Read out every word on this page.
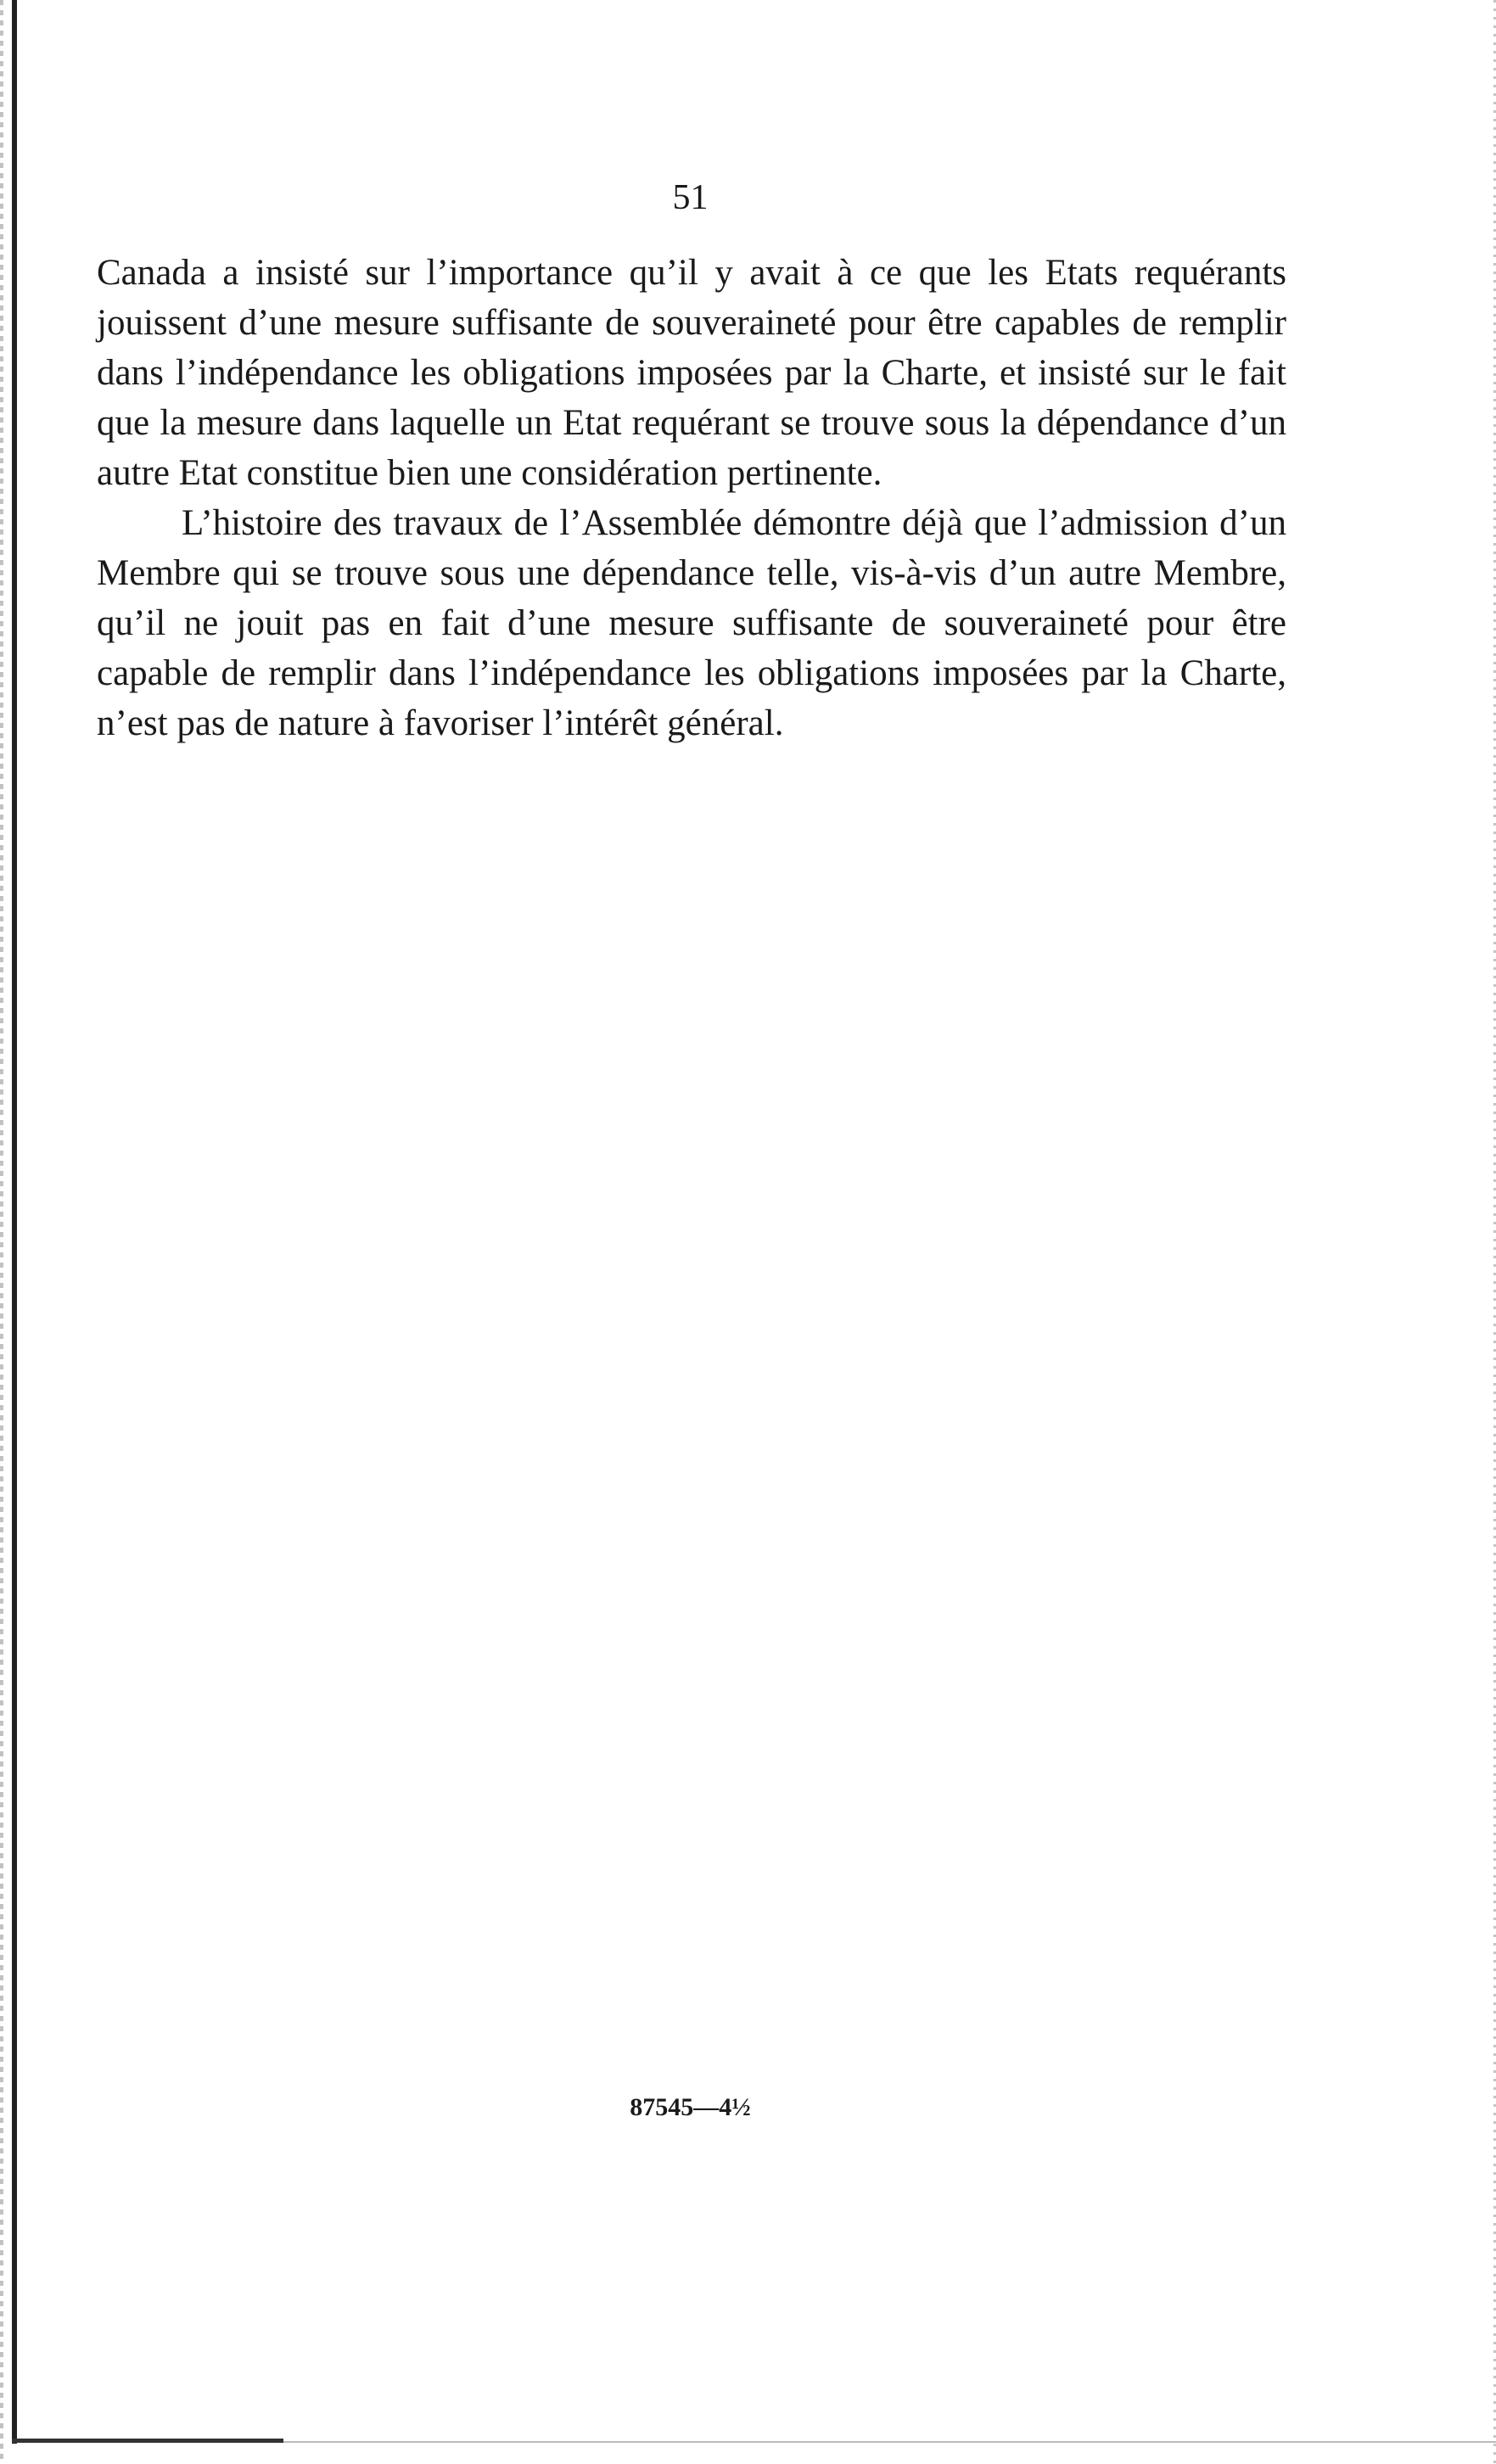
51

Canada a insisté sur l’importance qu’il y avait à ce que les Etats requérants jouissent d’une mesure suffisante de souveraineté pour être capables de remplir dans l’indépendance les obligations imposées par la Charte, et insisté sur le fait que la mesure dans laquelle un Etat requérant se trouve sous la dépendance d’un autre Etat constitue bien une considération pertinente.

L’histoire des travaux de l’Assemblée démontre déjà que l’admission d’un Membre qui se trouve sous une dépendance telle, vis-à-vis d’un autre Membre, qu’il ne jouit pas en fait d’une mesure suffisante de souveraineté pour être capable de remplir dans l’indépendance les obligations imposées par la Charte, n’est pas de nature à favoriser l’intérêt général.

87545—4½
